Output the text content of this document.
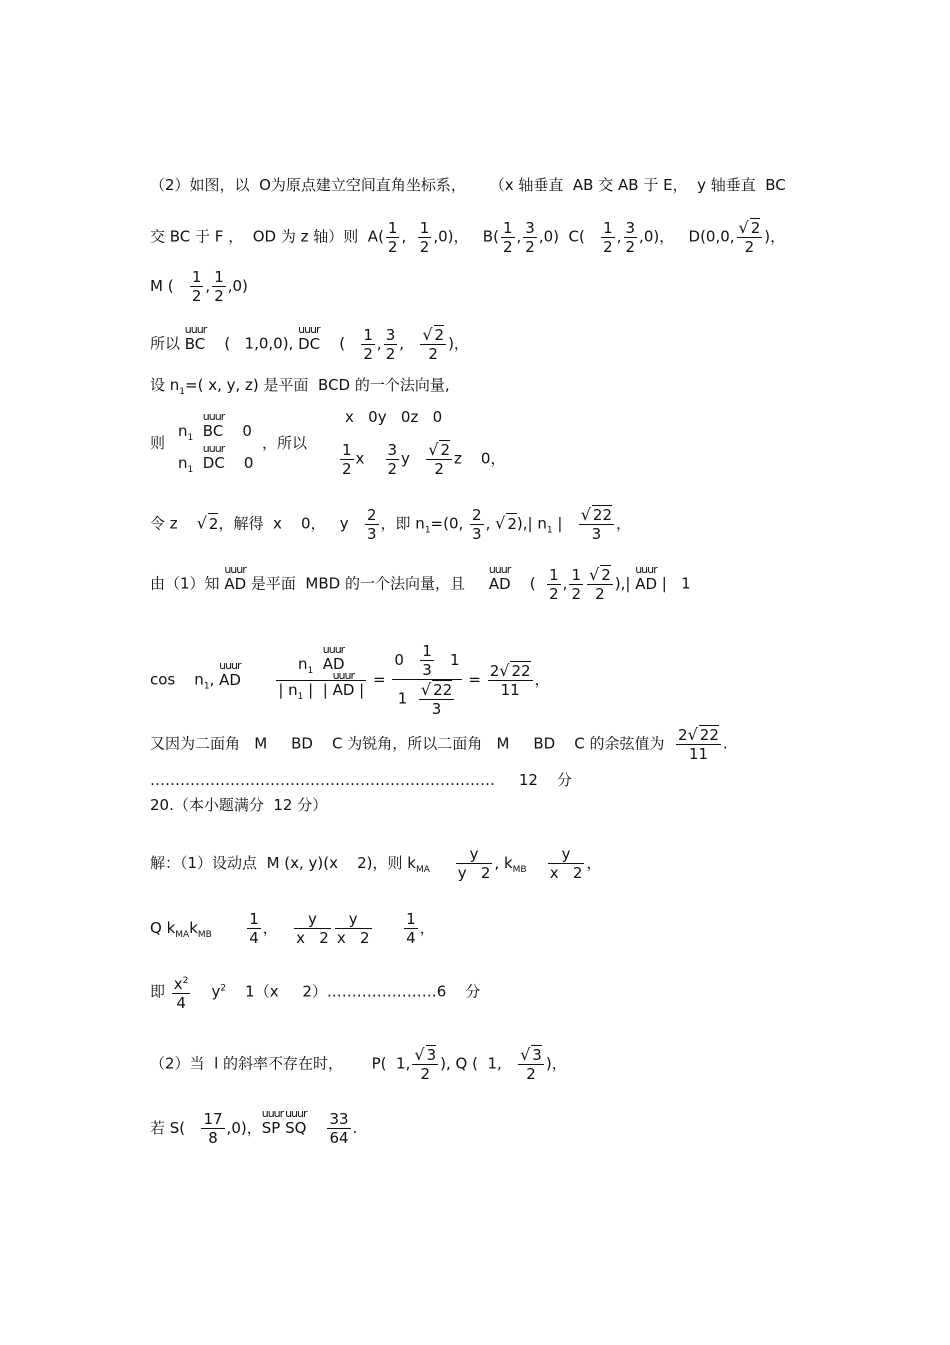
（2）如图，以  O为原点建立空间直角坐标系，     （x 轴垂直  AB 交 AB 于 E，  y 轴垂直  BC
交 BC 于 F ，  OD 为 z 轴）则  $A( \frac{1}{2}$ , $\frac{1}{2} ,0$)，   $B( \frac{1}{2}$ , $\frac{3}{2} ,0$)  $C( \frac{1}{2}$ , $\frac{3}{2} ,0$)，   D(0,0, $\frac{√ 2}{2}$ )，
M ( $\frac{1}{2}$ , $\frac{1}{2} ,0$)
所以 uuur BC    (   1,0,0), uuur DC    ( $\frac{1}{2}$ , $\frac{3}{2}$ , $\frac{√ 2}{2}$ )，
设 $n_1=$( x, y, z) 是平面  BCD 的一个法向量,
则
$n_1$ uuur BC    0
$n_1$ uuur DC    0
，所以
x   0y   0z   0
$\frac{1}{2}$ x $\frac{3}{2}$ y $\frac{√ 2}{2}$ z    0，
令 z    √ 2，解得  x    0，   y $\frac{2}{3}$ ，即 $n_1=(0$, $\frac{2}{3}$ , √ 2),| $n_1$ | $\frac{√ 22}{3}$ ，
由（1）知 uuur AD 是平面  MBD 的一个法向量，且     uuur AD    ( $\frac{1}{2}$ , $\frac{1}{2} \frac{√ 2}{2}$ ),| uuur AD |   1
cos    $n_1$, uuur AD $\frac{n_1 uuur AD}{| n_1 | | uuur AD |} = \frac{0 \frac{1}{3} 1}{1 \frac{√ 22}{3}} = \frac{2√ 22}{11}$ ，
又因为二面角   M     BD    C 为锐角，所以二面角   M     BD    C 的余弦值为 $\frac{2√ 22}{11}$ .
……………………………………………………………     12    分
20.（本小题满分  12 分）
解：（1）设动点  M (x, y)(x    2)，则 $k_{MA} \frac{y}{y 2}$ , $k_{MB} \frac{y}{x 2}$ ，
Q $k_{MA}k_{MB} \frac{1}{4}$ ， $\frac{y}{x 2} \frac{y}{x 2}$
$\frac{1}{4}$ ，
即 $\frac{x^2}{4} y^2$    1（x     2）.…………………6    分
（2）当  l 的斜率不存在时，      P(  1, $\frac{√ 3}{2}$ ), Q (  1, $\frac{√ 3}{2}$ )，
若 $S( \frac{17}{8} ,0)$，uuur SP uuur SQ $\frac{33}{64}$ .
